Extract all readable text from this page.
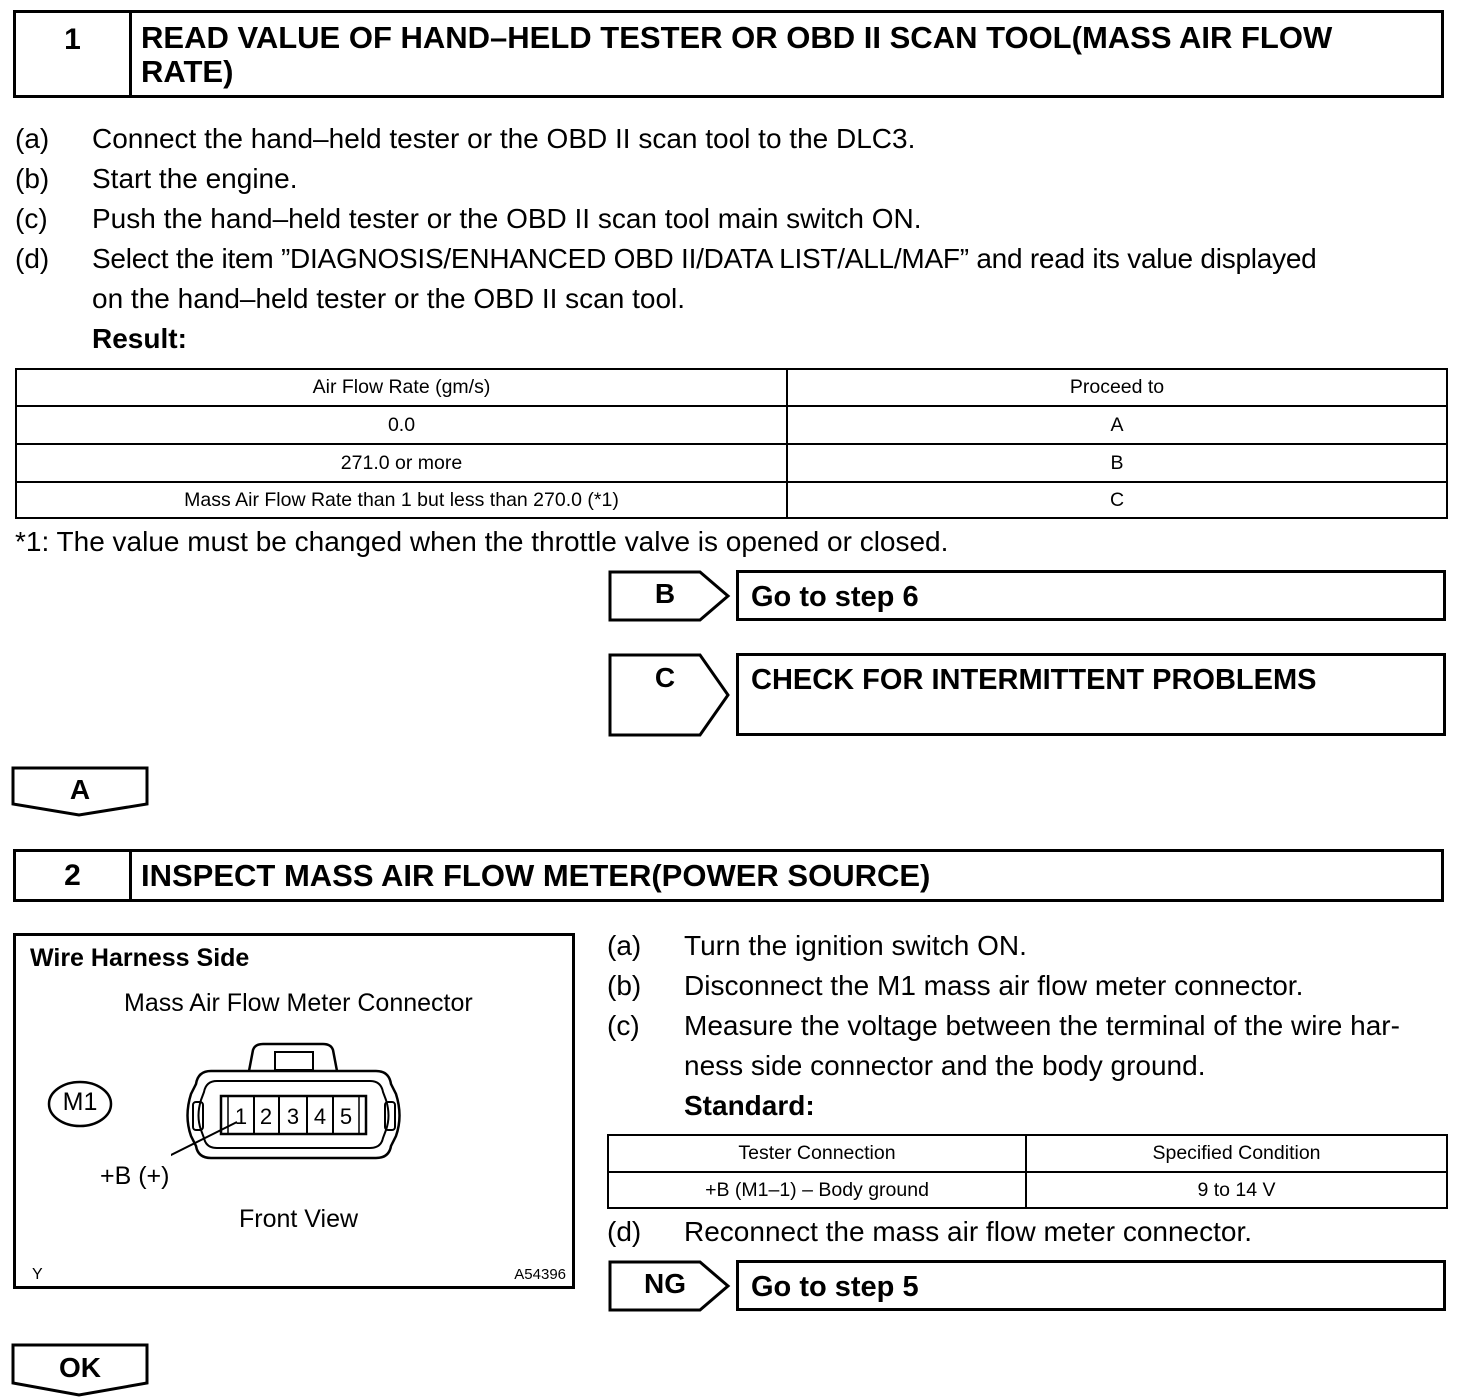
1	READ VALUE OF HAND–HELD TESTER OR OBD II SCAN TOOL(MASS AIR FLOW
RATE)
(a) Connect the hand–held tester or the OBD II scan tool to the DLC3.
(b) Start the engine.
(c) Push the hand–held tester or the OBD II scan tool main switch ON.
(d) Select the item ”DIAGNOSIS/ENHANCED OBD II/DATA LIST/ALL/MAF” and read its value displayed
on the hand–held tester or the OBD II scan tool.
Result:
Air Flow Rate (gm/s)	Proceed to
0.0	A
271.0 or more	B
Mass Air Flow Rate than 1 but less than 270.0 (*1)	C
*1: The value must be changed when the throttle valve is opened or closed.
B	Go to step 6
C	CHECK FOR INTERMITTENT PROBLEMS
A
2	INSPECT MASS AIR FLOW METER(POWER SOURCE)
Wire Harness Side
Mass Air Flow Meter Connector
M1
1 2 3 4 5
+B (+)
Front View
Y	A54396
(a) Turn the ignition switch ON.
(b) Disconnect the M1 mass air flow meter connector.
(c) Measure the voltage between the terminal of the wire har-
ness side connector and the body ground.
Standard:
Tester Connection	Specified Condition
+B (M1–1) – Body ground	9 to 14 V
(d) Reconnect the mass air flow meter connector.
NG	Go to step 5
OK
